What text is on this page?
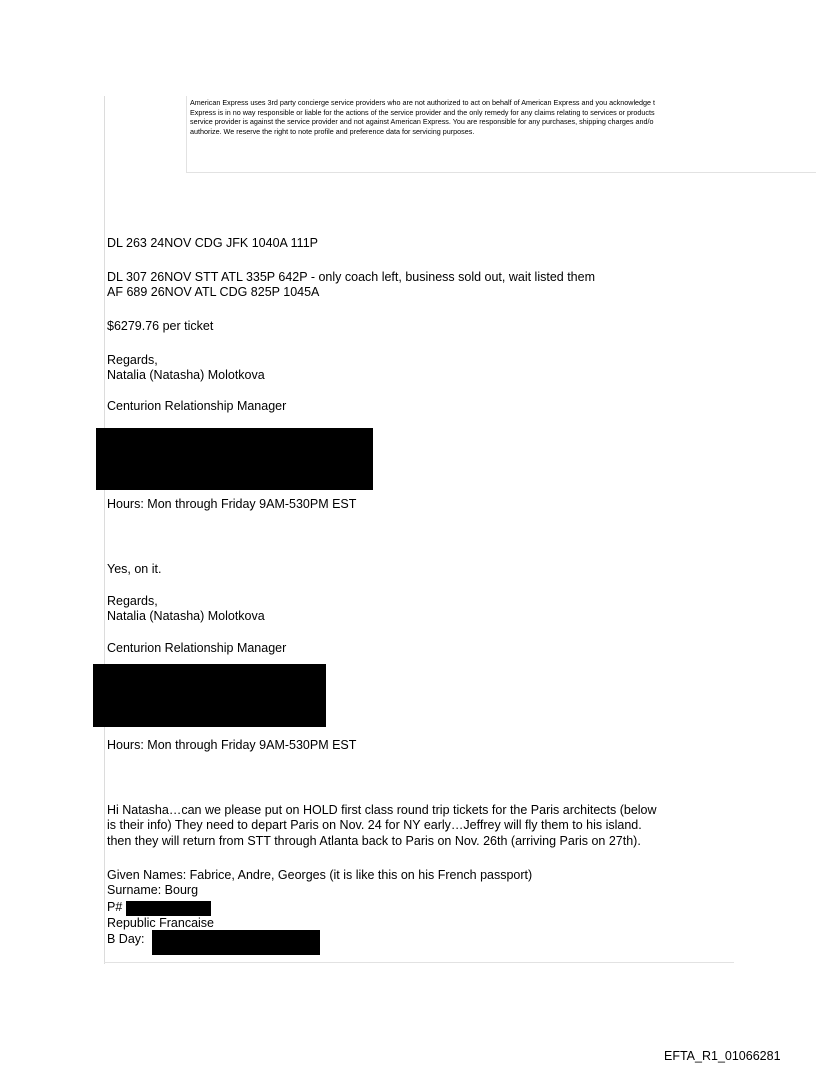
American Express uses 3rd party concierge service providers who are not authorized to act on behalf of American Express and you acknowledge t
Express is in no way responsible or liable for the actions of the service provider and the only remedy for any claims relating to services or products
service provider is against the service provider and not against American Express. You are responsible for any purchases, shipping charges and/o
authorize. We reserve the right to note profile and preference data for servicing purposes.
DL 263 24NOV CDG JFK 1040A 111P
DL 307 26NOV STT ATL 335P 642P - only coach left, business sold out, wait listed them
AF 689 26NOV ATL CDG 825P 1045A
$6279.76 per ticket
Regards,
Natalia (Natasha) Molotkova
Centurion Relationship Manager
Hours: Mon through Friday 9AM-530PM EST
Yes, on it.
Regards,
Natalia (Natasha) Molotkova
Centurion Relationship Manager
Hours: Mon through Friday 9AM-530PM EST
Hi Natasha…can we please put on HOLD first class round trip tickets for the Paris architects (below
is their info) They need to depart Paris on Nov. 24 for NY early…Jeffrey will fly them to his island.
then they will return from STT through Atlanta back to Paris on Nov. 26th (arriving Paris on 27th).
Given Names: Fabrice, Andre, Georges (it is like this on his French passport)
Surname: Bourg
P#
Republic Francaise
B Day:
EFTA_R1_01066281
